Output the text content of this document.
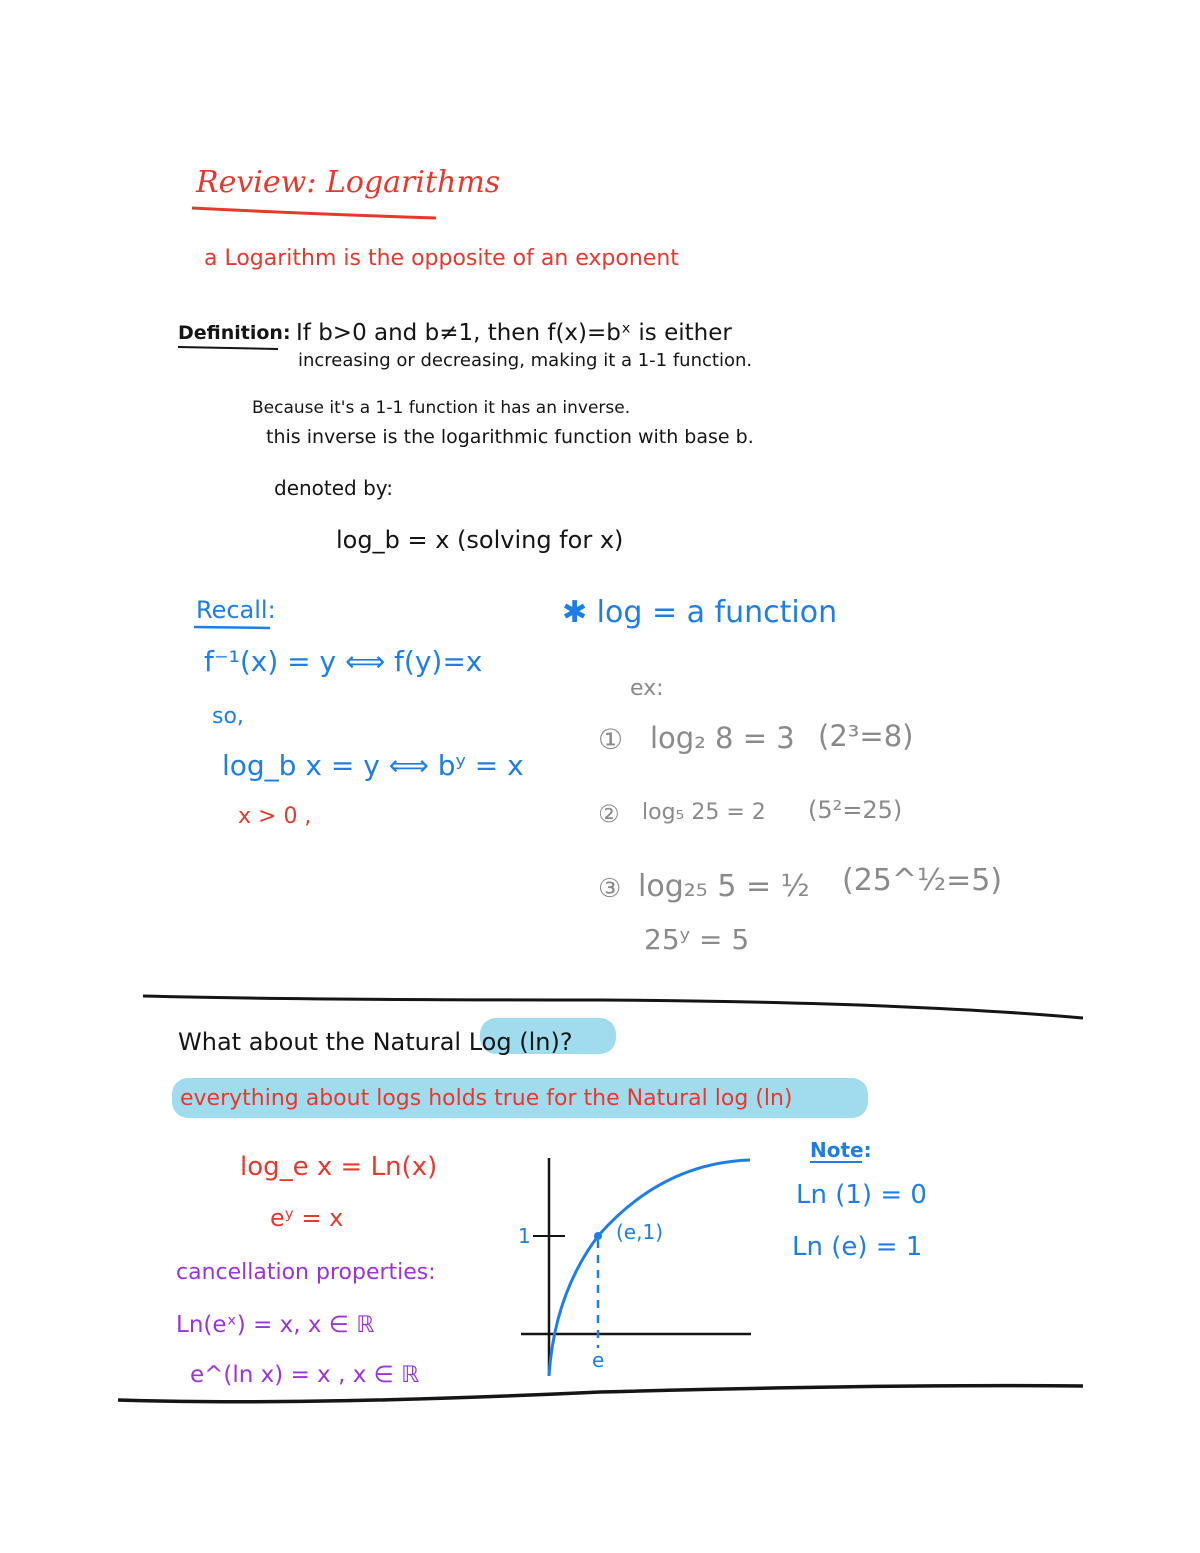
Review: Logarithms
a Logarithm is the opposite of an exponent
Definition: If b>0 and b≠1, then f(x)=bˣ is either
increasing or decreasing, making it a 1-1 function.
Because it's a 1-1 function it has an inverse.
this inverse is the logarithmic function with base b.
denoted by:
log_b = x (solving for x)
Recall:
f⁻¹(x) = y ⟺ f(y)=x
so,
log_b x = y ⟺ bʸ = x
x > 0 ,
✱ log = a function
ex:
① log₂ 8 = 3 (2³=8)
② log₅ 25 = 2 (5²=25)
③ log₂₅ 5 = ½ (25^½=5)
25ʸ = 5
What about the Natural Log (ln)?
everything about logs holds true for the Natural log (ln)
log_e x = Ln(x)
eʸ = x
cancellation properties:
Ln(eˣ) = x, x ∈ ℝ
e^(ln x) = x , x ∈ ℝ
1	(e,1)
e
Note:
Ln (1) = 0
Ln (e) = 1
